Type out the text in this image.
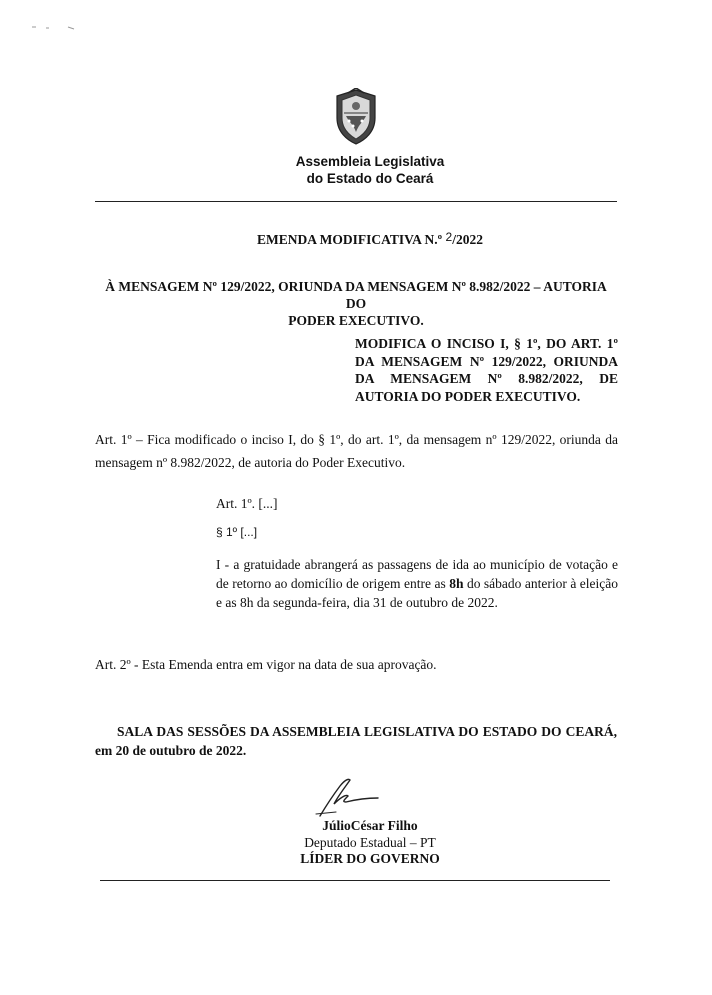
Assembleia Legislativa
do Estado do Ceará
EMENDA MODIFICATIVA N.º 2/2022
À MENSAGEM Nº 129/2022, ORIUNDA DA MENSAGEM Nº 8.982/2022 – AUTORIA DO
PODER EXECUTIVO.
MODIFICA O INCISO I, § 1º, DO ART. 1º DA MENSAGEM Nº 129/2022, ORIUNDA DA MENSAGEM Nº 8.982/2022, DE AUTORIA DO PODER EXECUTIVO.
Art. 1º – Fica modificado o inciso I, do § 1º, do art. 1º, da mensagem nº 129/2022, oriunda da mensagem nº 8.982/2022, de autoria do Poder Executivo.
Art. 1º. [...]
§ 1º [...]
I - a gratuidade abrangerá as passagens de ida ao município de votação e de retorno ao domicílio de origem entre as 8h do sábado anterior à eleição e as 8h da segunda-feira, dia 31 de outubro de 2022.
Art. 2º - Esta Emenda entra em vigor na data de sua aprovação.
SALA DAS SESSÕES DA ASSEMBLEIA LEGISLATIVA DO ESTADO DO CEARÁ, em 20 de outubro de 2022.
JúlioCésar Filho
Deputado Estadual – PT
LÍDER DO GOVERNO
